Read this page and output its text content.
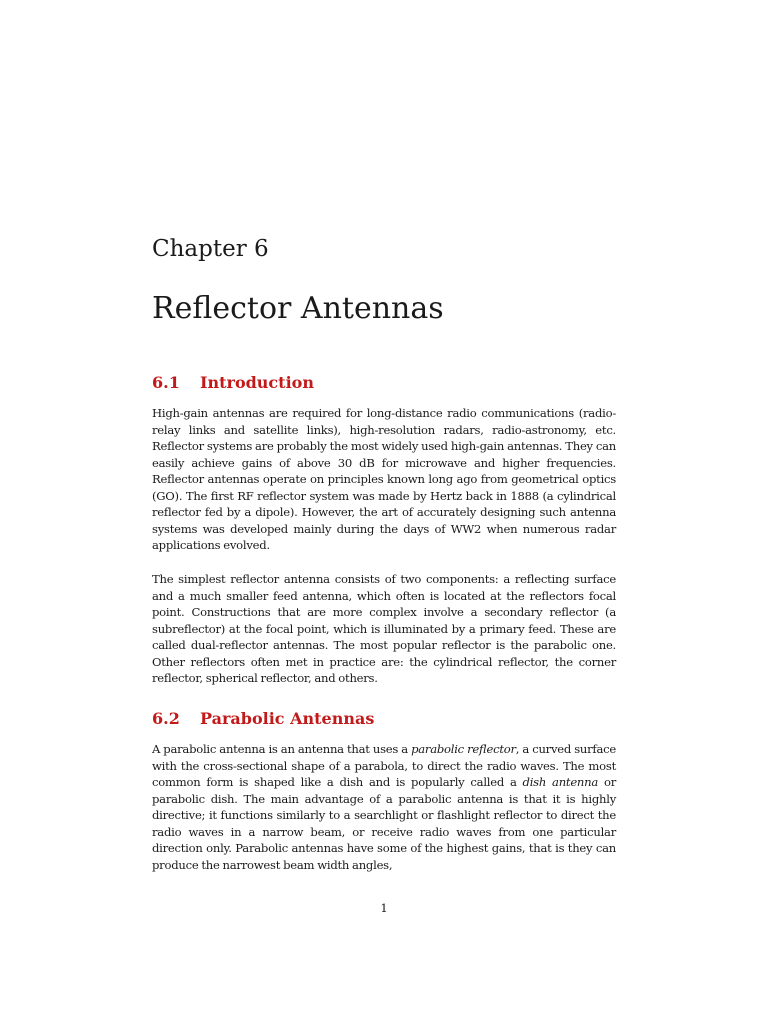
Chapter 6
Reflector Antennas
6.1 Introduction
High-gain antennas are required for long-distance radio communications (radio-relay links and satellite links), high-resolution radars, radio-astronomy, etc. Reflector systems are probably the most widely used high-gain antennas. They can easily achieve gains of above 30 dB for microwave and higher frequencies. Reflector antennas operate on principles known long ago from geometrical optics (GO). The first RF reflector system was made by Hertz back in 1888 (a cylindrical reflector fed by a dipole). However, the art of accurately designing such antenna systems was developed mainly during the days of WW2 when numerous radar applications evolved.
The simplest reflector antenna consists of two components: a reflecting surface and a much smaller feed antenna, which often is located at the reflectors focal point. Constructions that are more complex involve a secondary reflector (a subreflector) at the focal point, which is illuminated by a primary feed. These are called dual-reflector antennas. The most popular reflector is the parabolic one. Other reflectors often met in practice are: the cylindrical reflector, the corner reflector, spherical reflector, and others.
6.2 Parabolic Antennas
A parabolic antenna is an antenna that uses a parabolic reflector, a curved surface with the cross-sectional shape of a parabola, to direct the radio waves. The most common form is shaped like a dish and is popularly called a dish antenna or parabolic dish. The main advantage of a parabolic antenna is that it is highly directive; it functions similarly to a searchlight or flashlight reflector to direct the radio waves in a narrow beam, or receive radio waves from one particular direction only. Parabolic antennas have some of the highest gains, that is they can produce the narrowest beam width angles,
1
